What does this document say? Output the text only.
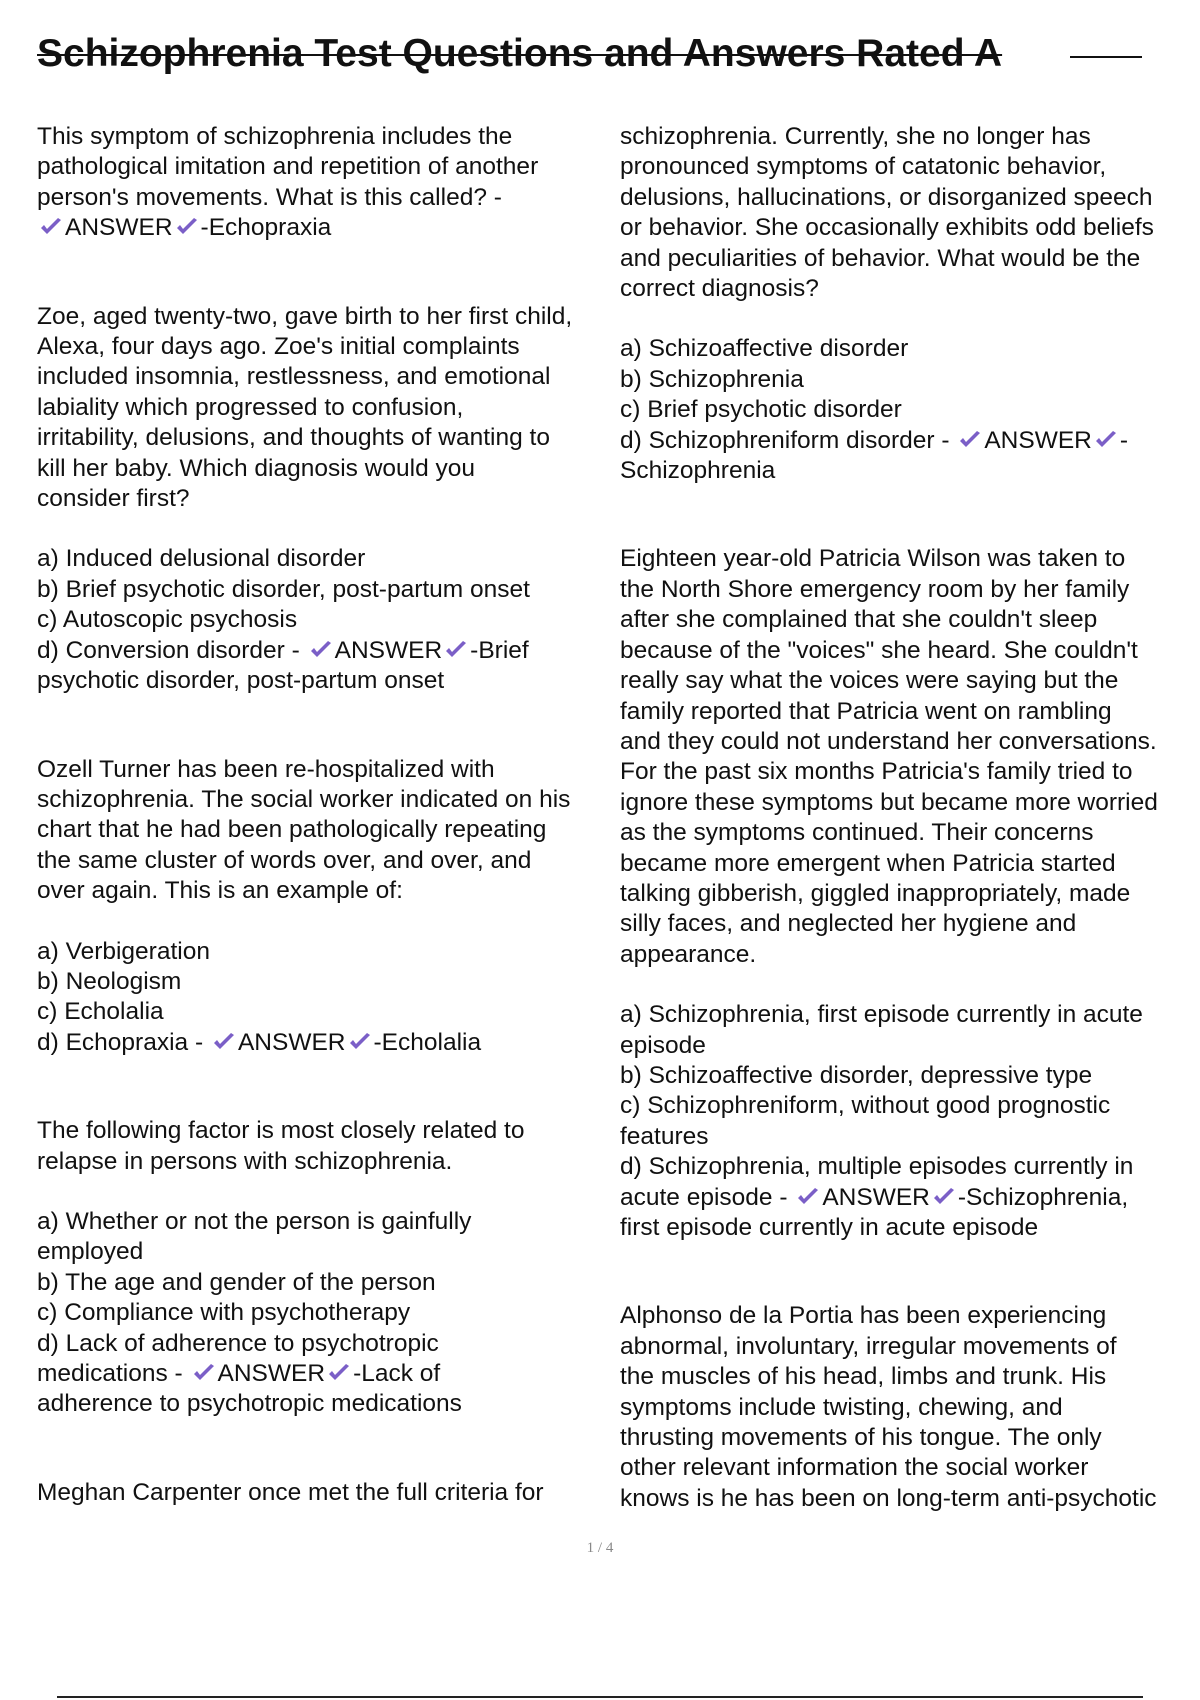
Schizophrenia Test Questions and Answers Rated A

This symptom of schizophrenia includes the
pathological imitation and repetition of another
person's movements. What is this called? -

ANSWER -Echopraxia

Zoe, aged twenty-two, gave birth to her first child,
Alexa, four days ago. Zoe's initial complaints
included insomnia, restlessness, and emotional
labiality which progressed to confusion,
irritability, delusions, and thoughts of wanting to
kill her baby. Which diagnosis would you
consider first?

a) Induced delusional disorder

b) Brief psychotic disorder, post-partum onset

c) Autoscopic psychosis

d) Conversion disorder - ANSWER -Brief

psychotic disorder, post-partum onset

Ozell Turner has been re-hospitalized with
schizophrenia. The social worker indicated on his
chart that he had been pathologically repeating
the same cluster of words over, and over, and
over again. This is an example of:

a) Verbigeration

b) Neologism

c) Echolalia

d) Echopraxia - ANSWER -Echolalia

The following factor is most closely related to
relapse in persons with schizophrenia.

a) Whether or not the person is gainfully
employed

b) The age and gender of the person

c) Compliance with psychotherapy

d) Lack of adherence to psychotropic

medications - ANSWER -Lack of

adherence to psychotropic medications

Meghan Carpenter once met the full criteria for

schizophrenia. Currently, she no longer has
pronounced symptoms of catatonic behavior,
delusions, hallucinations, or disorganized speech
or behavior. She occasionally exhibits odd beliefs
and peculiarities of behavior. What would be the
correct diagnosis?

a) Schizoaffective disorder

b) Schizophrenia

c) Brief psychotic disorder

d) Schizophreniform disorder - ANSWER -

Schizophrenia

Eighteen year-old Patricia Wilson was taken to
the North Shore emergency room by her family
after she complained that she couldn't sleep
because of the "voices" she heard. She couldn't
really say what the voices were saying but the
family reported that Patricia went on rambling
and they could not understand her conversations.
For the past six months Patricia's family tried to
ignore these symptoms but became more worried
as the symptoms continued. Their concerns
became more emergent when Patricia started
talking gibberish, giggled inappropriately, made
silly faces, and neglected her hygiene and
appearance.

a) Schizophrenia, first episode currently in acute
episode

b) Schizoaffective disorder, depressive type

c) Schizophreniform, without good prognostic
features

d) Schizophrenia, multiple episodes currently in

acute episode - ANSWER -Schizophrenia,

first episode currently in acute episode

Alphonso de la Portia has been experiencing
abnormal, involuntary, irregular movements of
the muscles of his head, limbs and trunk. His
symptoms include twisting, chewing, and
thrusting movements of his tongue. The only
other relevant information the social worker
knows is he has been on long-term anti-psychotic

1 / 4
